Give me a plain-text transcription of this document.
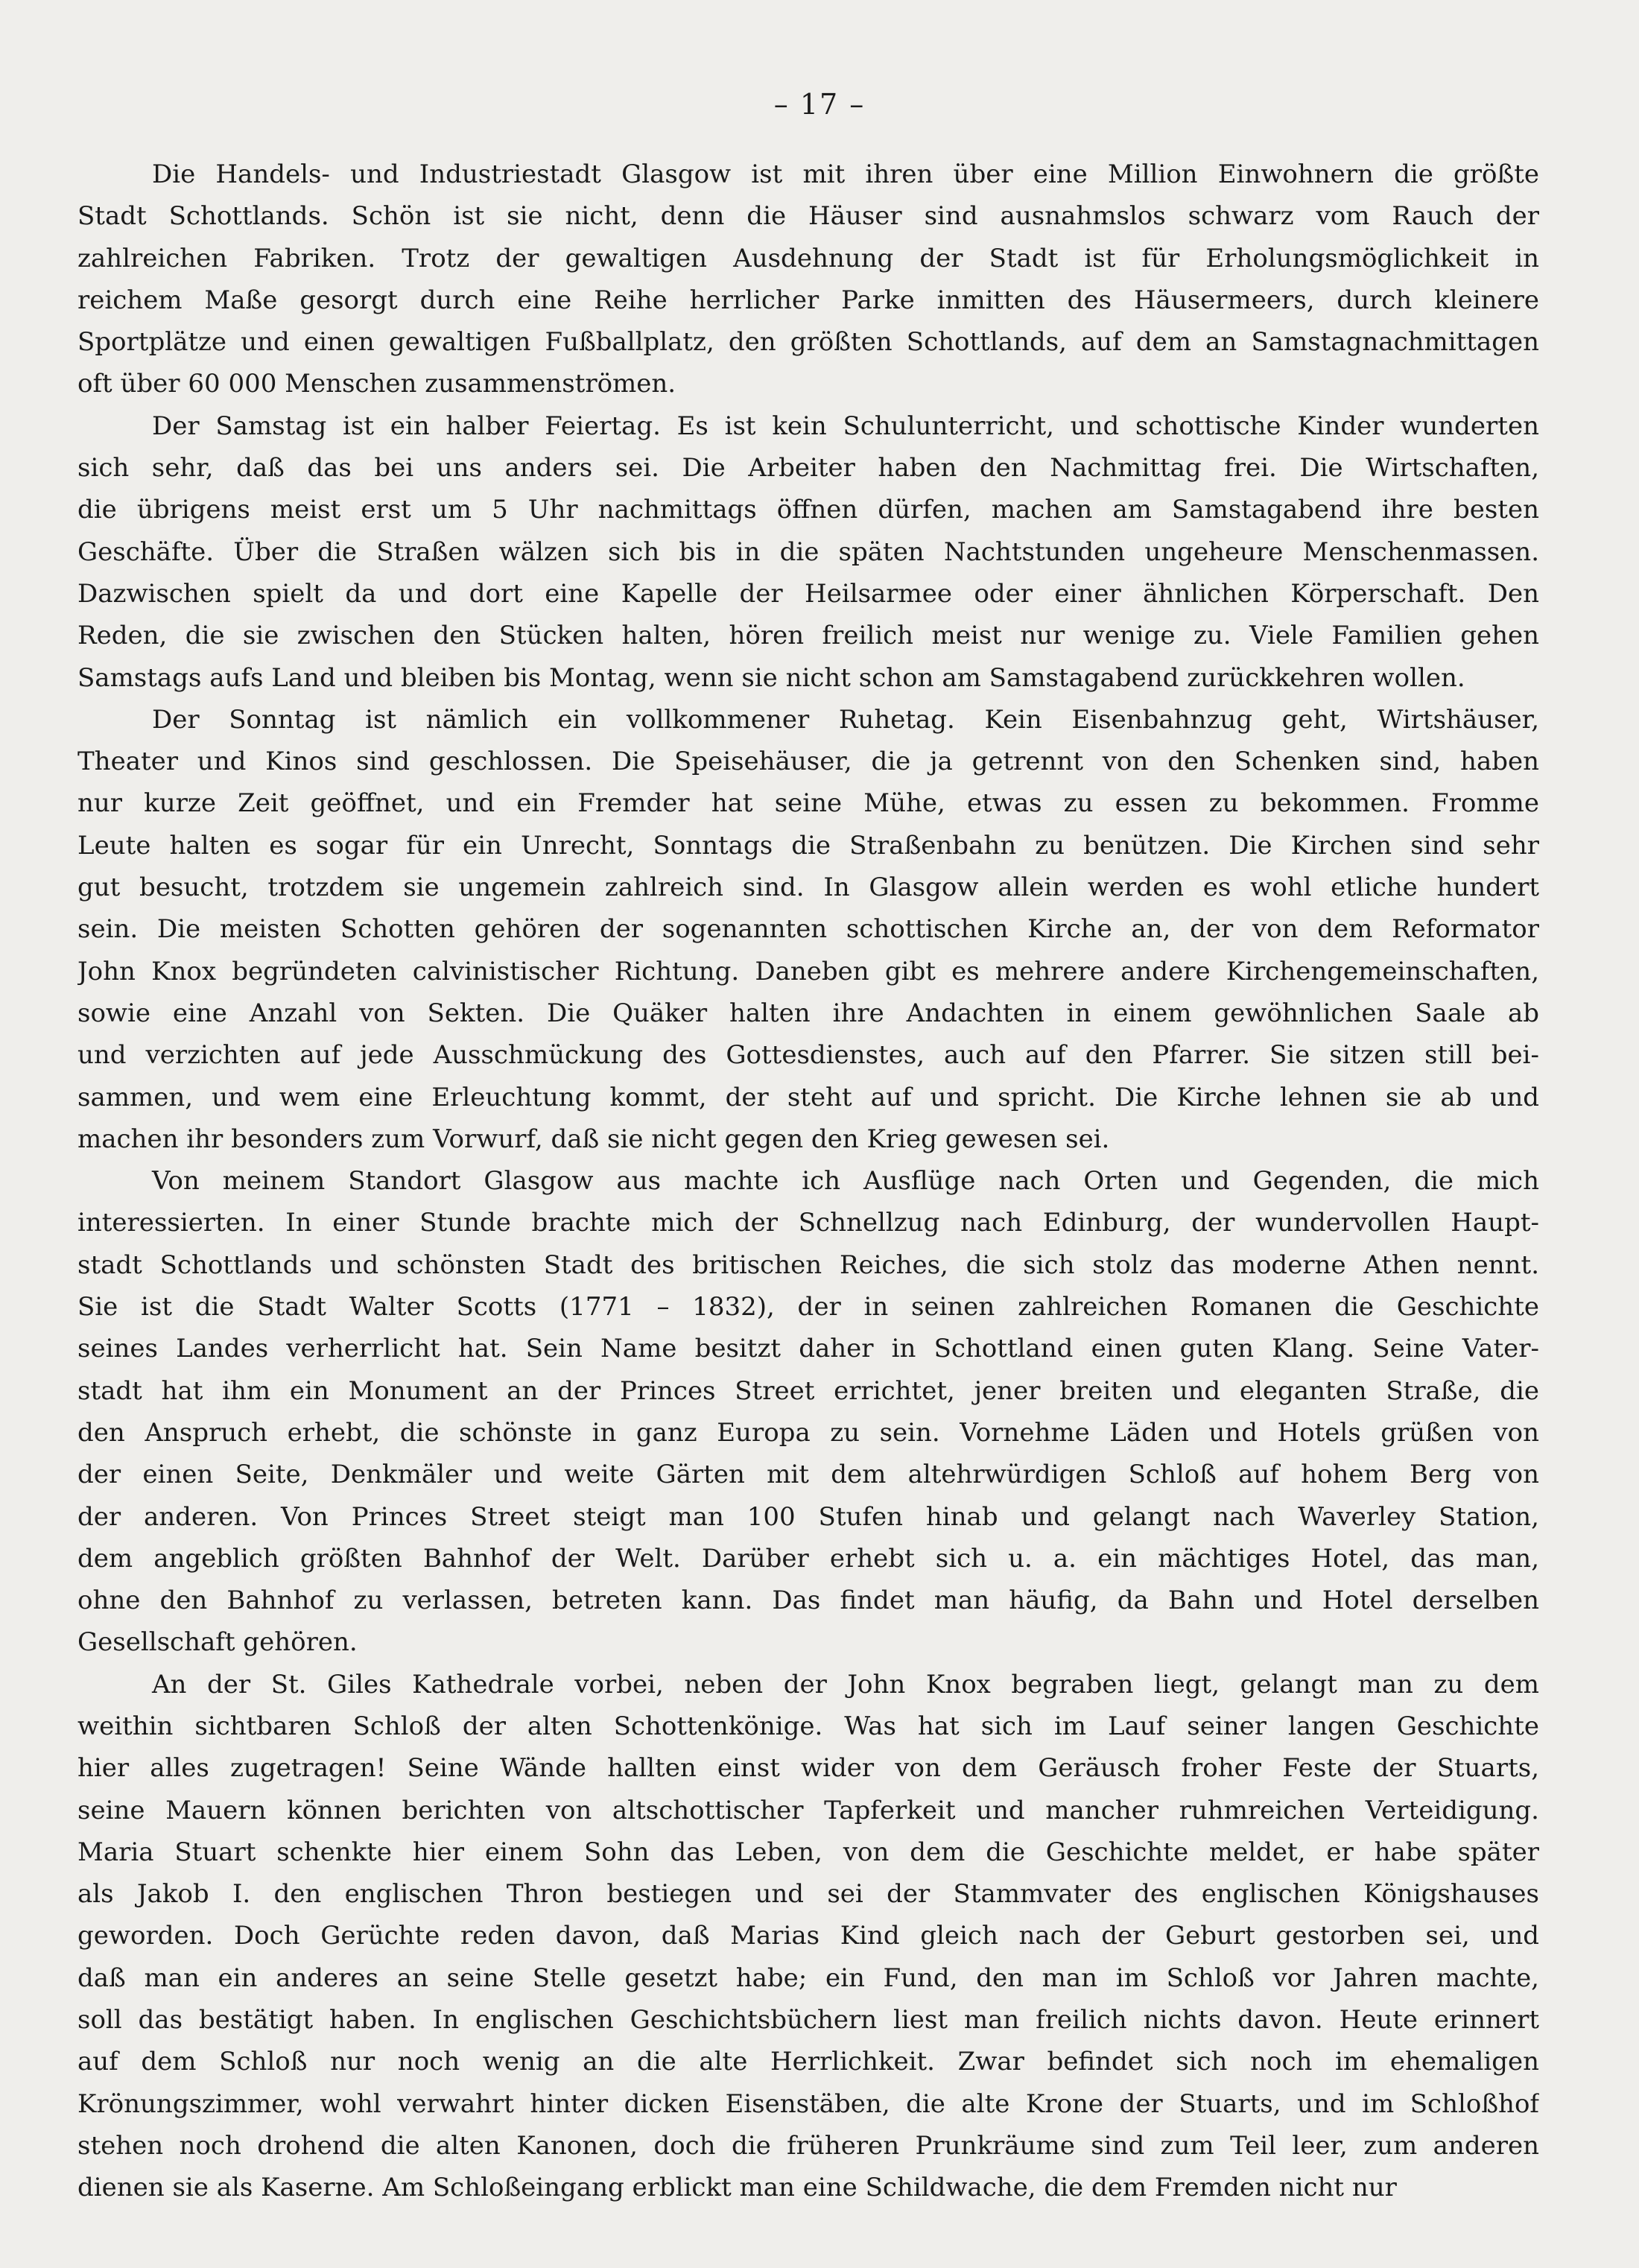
– 17 –
Die Handels- und Industriestadt Glasgow ist mit ihren über eine Million Einwohnern die größte
Stadt Schottlands. Schön ist sie nicht, denn die Häuser sind ausnahmslos schwarz vom Rauch der
zahlreichen Fabriken. Trotz der gewaltigen Ausdehnung der Stadt ist für Erholungsmöglichkeit in
reichem Maße gesorgt durch eine Reihe herrlicher Parke inmitten des Häusermeers, durch kleinere
Sportplätze und einen gewaltigen Fußballplatz, den größten Schottlands, auf dem an Samstagnachmittagen
oft über 60 000 Menschen zusammenströmen.
Der Samstag ist ein halber Feiertag. Es ist kein Schulunterricht, und schottische Kinder wunderten
sich sehr, daß das bei uns anders sei. Die Arbeiter haben den Nachmittag frei. Die Wirtschaften,
die übrigens meist erst um 5 Uhr nachmittags öffnen dürfen, machen am Samstagabend ihre besten
Geschäfte. Über die Straßen wälzen sich bis in die späten Nachtstunden ungeheure Menschenmassen.
Dazwischen spielt da und dort eine Kapelle der Heilsarmee oder einer ähnlichen Körperschaft. Den
Reden, die sie zwischen den Stücken halten, hören freilich meist nur wenige zu. Viele Familien gehen
Samstags aufs Land und bleiben bis Montag, wenn sie nicht schon am Samstagabend zurückkehren wollen.
Der Sonntag ist nämlich ein vollkommener Ruhetag. Kein Eisenbahnzug geht, Wirtshäuser,
Theater und Kinos sind geschlossen. Die Speisehäuser, die ja getrennt von den Schenken sind, haben
nur kurze Zeit geöffnet, und ein Fremder hat seine Mühe, etwas zu essen zu bekommen. Fromme
Leute halten es sogar für ein Unrecht, Sonntags die Straßenbahn zu benützen. Die Kirchen sind sehr
gut besucht, trotzdem sie ungemein zahlreich sind. In Glasgow allein werden es wohl etliche hundert
sein. Die meisten Schotten gehören der sogenannten schottischen Kirche an, der von dem Reformator
John Knox begründeten calvinistischer Richtung. Daneben gibt es mehrere andere Kirchengemeinschaften,
sowie eine Anzahl von Sekten. Die Quäker halten ihre Andachten in einem gewöhnlichen Saale ab
und verzichten auf jede Ausschmückung des Gottesdienstes, auch auf den Pfarrer. Sie sitzen still bei-
sammen, und wem eine Erleuchtung kommt, der steht auf und spricht. Die Kirche lehnen sie ab und
machen ihr besonders zum Vorwurf, daß sie nicht gegen den Krieg gewesen sei.
Von meinem Standort Glasgow aus machte ich Ausflüge nach Orten und Gegenden, die mich
interessierten. In einer Stunde brachte mich der Schnellzug nach Edinburg, der wundervollen Haupt-
stadt Schottlands und schönsten Stadt des britischen Reiches, die sich stolz das moderne Athen nennt.
Sie ist die Stadt Walter Scotts (1771 – 1832), der in seinen zahlreichen Romanen die Geschichte
seines Landes verherrlicht hat. Sein Name besitzt daher in Schottland einen guten Klang. Seine Vater-
stadt hat ihm ein Monument an der Princes Street errichtet, jener breiten und eleganten Straße, die
den Anspruch erhebt, die schönste in ganz Europa zu sein. Vornehme Läden und Hotels grüßen von
der einen Seite, Denkmäler und weite Gärten mit dem altehrwürdigen Schloß auf hohem Berg von
der anderen. Von Princes Street steigt man 100 Stufen hinab und gelangt nach Waverley Station,
dem angeblich größten Bahnhof der Welt. Darüber erhebt sich u. a. ein mächtiges Hotel, das man,
ohne den Bahnhof zu verlassen, betreten kann. Das findet man häufig, da Bahn und Hotel derselben
Gesellschaft gehören.
An der St. Giles Kathedrale vorbei, neben der John Knox begraben liegt, gelangt man zu dem
weithin sichtbaren Schloß der alten Schottenkönige. Was hat sich im Lauf seiner langen Geschichte
hier alles zugetragen! Seine Wände hallten einst wider von dem Geräusch froher Feste der Stuarts,
seine Mauern können berichten von altschottischer Tapferkeit und mancher ruhmreichen Verteidigung.
Maria Stuart schenkte hier einem Sohn das Leben, von dem die Geschichte meldet, er habe später
als Jakob I. den englischen Thron bestiegen und sei der Stammvater des englischen Königshauses
geworden. Doch Gerüchte reden davon, daß Marias Kind gleich nach der Geburt gestorben sei, und
daß man ein anderes an seine Stelle gesetzt habe; ein Fund, den man im Schloß vor Jahren machte,
soll das bestätigt haben. In englischen Geschichtsbüchern liest man freilich nichts davon. Heute erinnert
auf dem Schloß nur noch wenig an die alte Herrlichkeit. Zwar befindet sich noch im ehemaligen
Krönungszimmer, wohl verwahrt hinter dicken Eisenstäben, die alte Krone der Stuarts, und im Schloßhof
stehen noch drohend die alten Kanonen, doch die früheren Prunkräume sind zum Teil leer, zum anderen
dienen sie als Kaserne. Am Schloßeingang erblickt man eine Schildwache, die dem Fremden nicht nur
